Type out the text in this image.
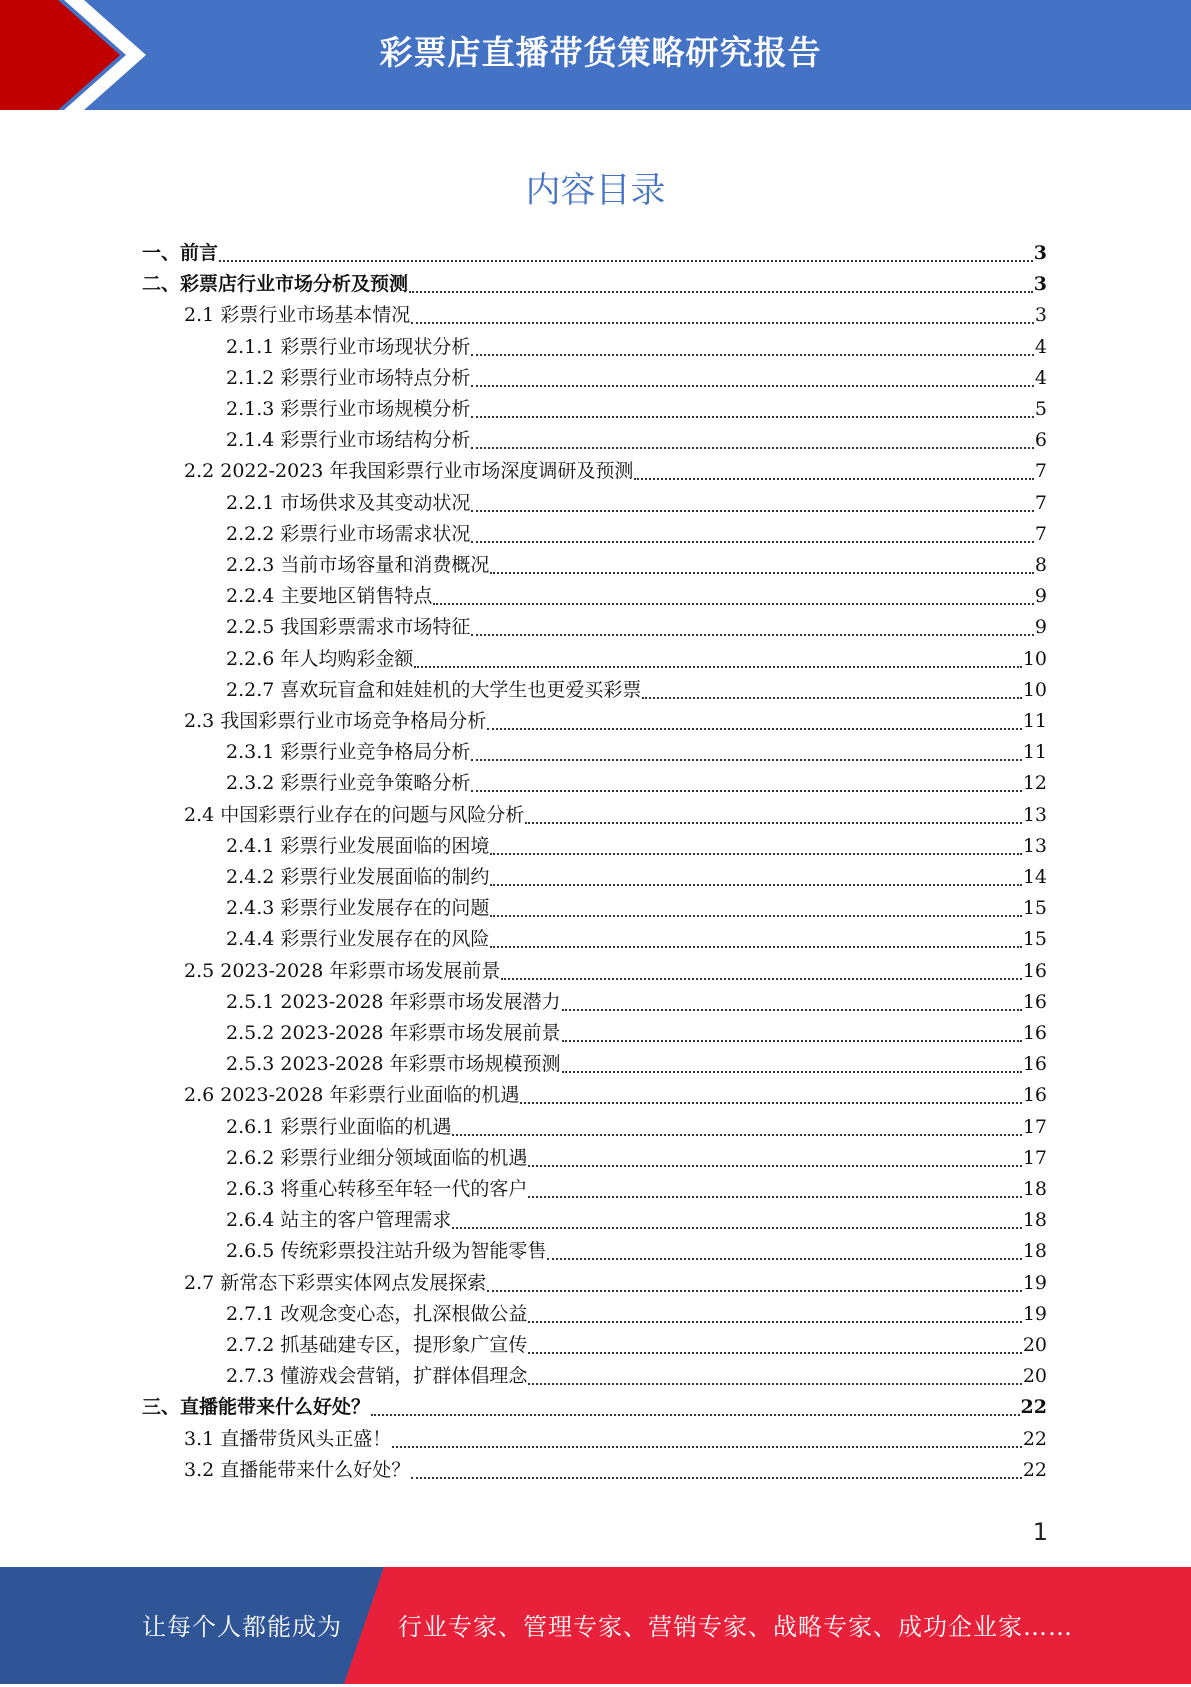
彩票店直播带货策略研究报告
内容目录
一、前言	3
二、彩票店行业市场分析及预测	3
2.1 彩票行业市场基本情况	3
2.1.1 彩票行业市场现状分析	4
2.1.2 彩票行业市场特点分析	4
2.1.3 彩票行业市场规模分析	5
2.1.4 彩票行业市场结构分析	6
2.2 2022-2023 年我国彩票行业市场深度调研及预测	7
2.2.1 市场供求及其变动状况	7
2.2.2 彩票行业市场需求状况	7
2.2.3 当前市场容量和消费概况	8
2.2.4 主要地区销售特点	9
2.2.5 我国彩票需求市场特征	9
2.2.6 年人均购彩金额	10
2.2.7 喜欢玩盲盒和娃娃机的大学生也更爱买彩票	10
2.3 我国彩票行业市场竞争格局分析	11
2.3.1 彩票行业竞争格局分析	11
2.3.2 彩票行业竞争策略分析	12
2.4 中国彩票行业存在的问题与风险分析	13
2.4.1 彩票行业发展面临的困境	13
2.4.2 彩票行业发展面临的制约	14
2.4.3 彩票行业发展存在的问题	15
2.4.4 彩票行业发展存在的风险	15
2.5 2023-2028 年彩票市场发展前景	16
2.5.1 2023-2028 年彩票市场发展潜力	16
2.5.2 2023-2028 年彩票市场发展前景	16
2.5.3 2023-2028 年彩票市场规模预测	16
2.6 2023-2028 年彩票行业面临的机遇	16
2.6.1 彩票行业面临的机遇	17
2.6.2 彩票行业细分领域面临的机遇	17
2.6.3 将重心转移至年轻一代的客户	18
2.6.4 站主的客户管理需求	18
2.6.5 传统彩票投注站升级为智能零售	18
2.7 新常态下彩票实体网点发展探索	19
2.7.1 改观念变心态，扎深根做公益	19
2.7.2 抓基础建专区，提形象广宣传	20
2.7.3 懂游戏会营销，扩群体倡理念	20
三、直播能带来什么好处？	22
3.1 直播带货风头正盛！	22
3.2 直播能带来什么好处？	22
1
让每个人都能成为 行业专家、管理专家、营销专家、战略专家、成功企业家……
